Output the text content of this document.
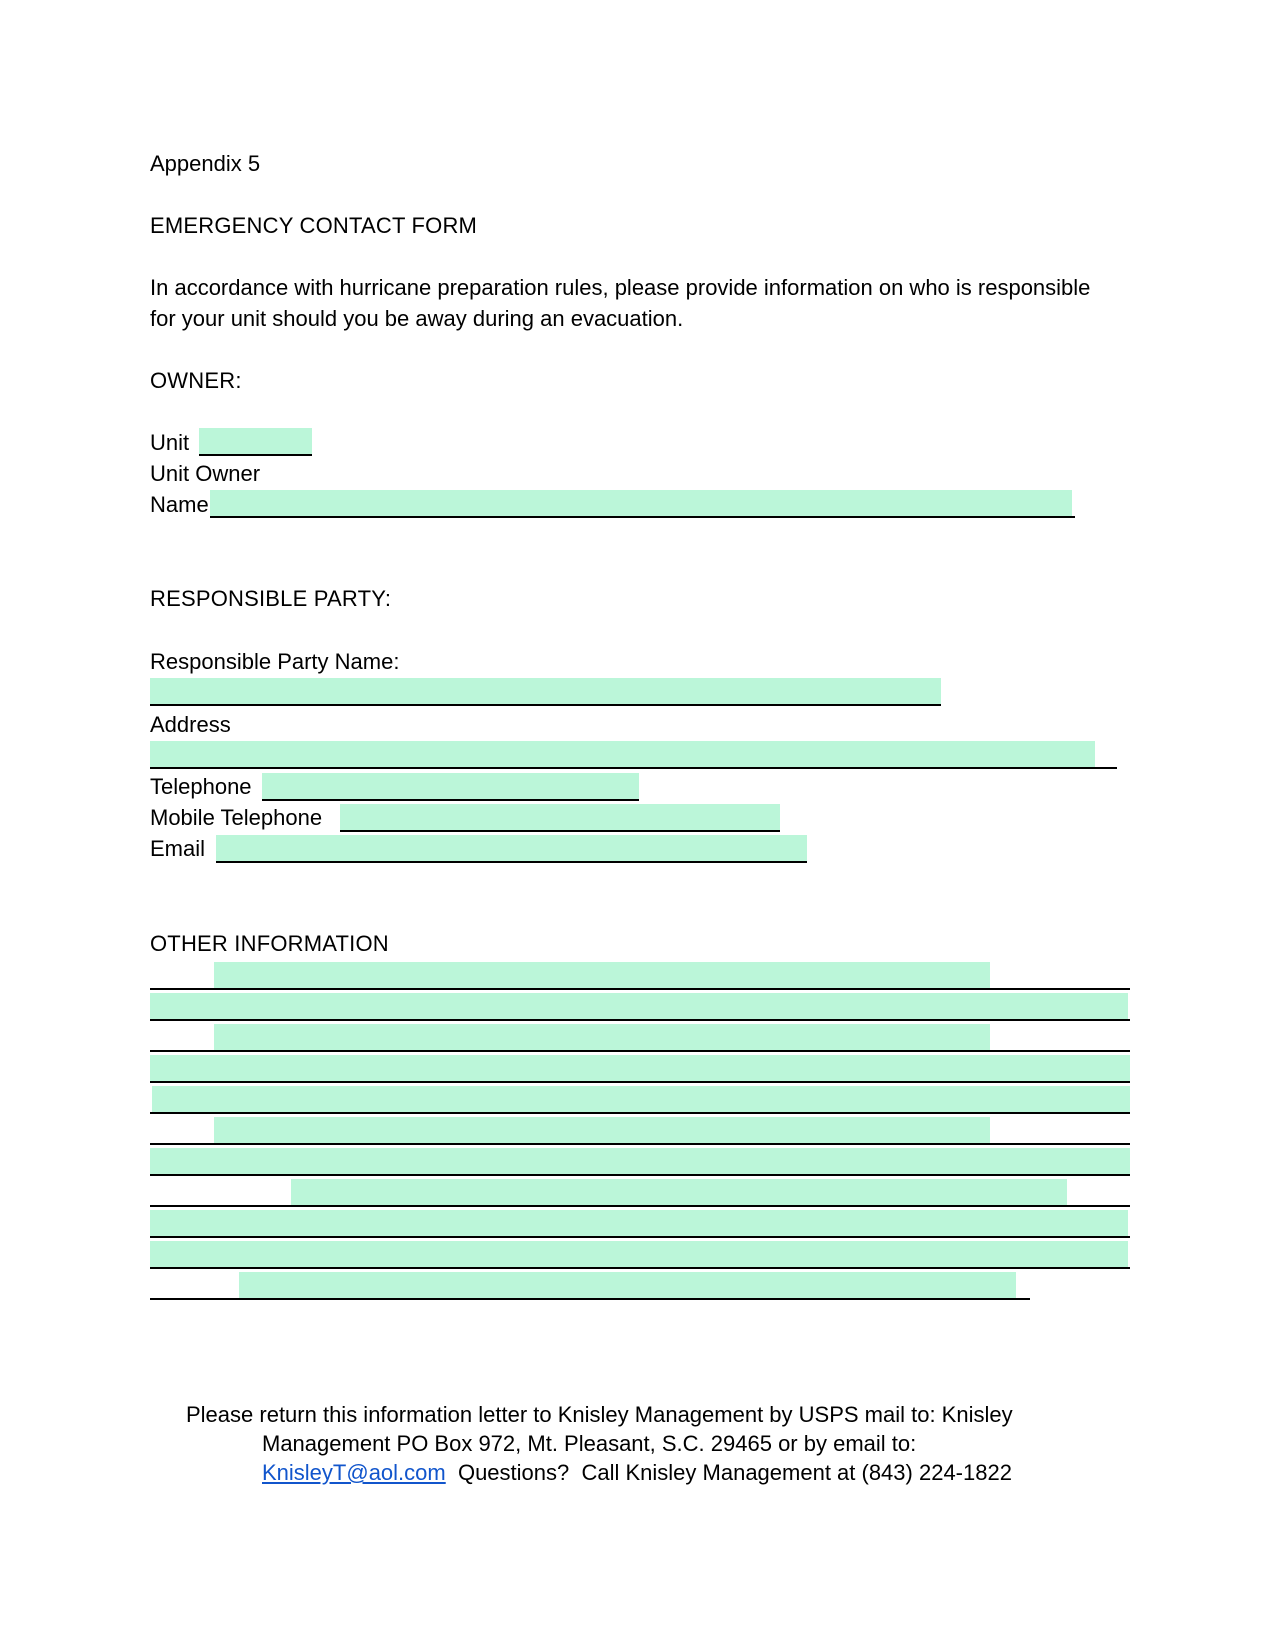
Appendix 5
EMERGENCY CONTACT FORM
In accordance with hurricane preparation rules, please provide information on who is responsible
for your unit should you be away during an evacuation.
OWNER:
Unit
Unit Owner
Name
RESPONSIBLE PARTY:
Responsible Party Name:
Address
Telephone
Mobile Telephone
Email
OTHER INFORMATION
Please return this information letter to Knisley Management by USPS mail to: Knisley
Management PO Box 972, Mt. Pleasant, S.C. 29465 or by email to:
KnisleyT@aol.com  Questions?  Call Knisley Management at (843) 224-1822
